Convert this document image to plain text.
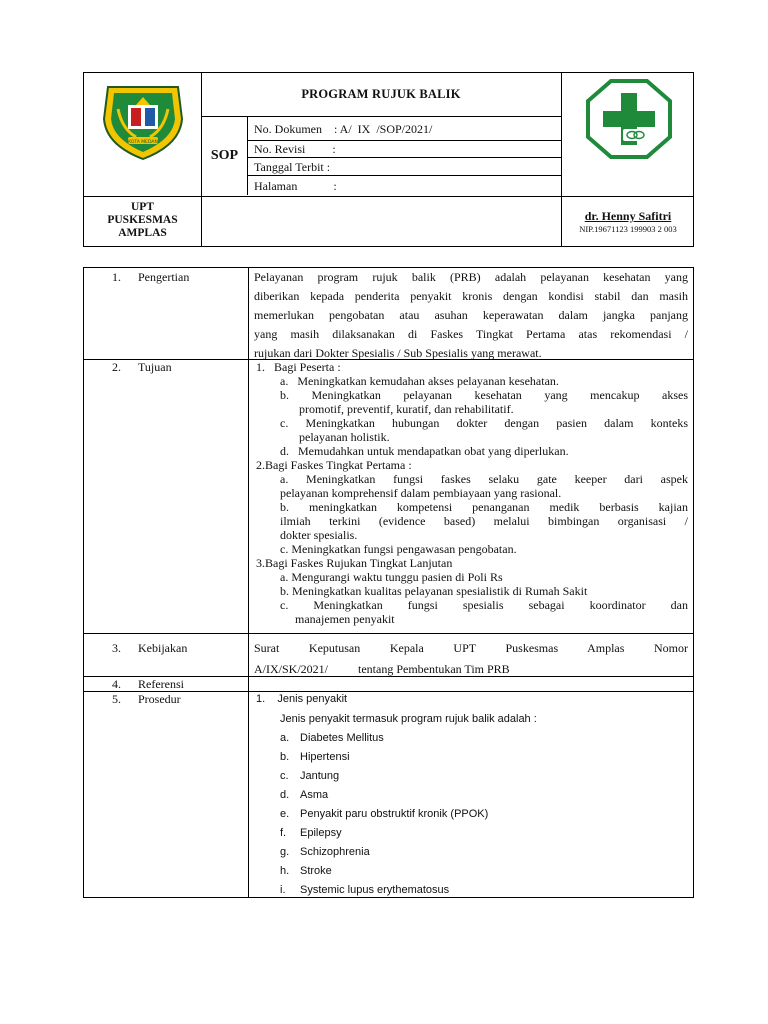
KOTA MEDAN
PROGRAM RUJUK BALIK
SOP
No. Dokumen    : A/  IX  /SOP/2021/
No. Revisi         :
Tanggal Terbit :
Halaman            :
UPT
PUSKESMAS
AMPLAS
dr. Henny Safitri
NIP.19671123 199903 2 003
1. Pengertian	Pelayanan program rujuk balik (PRB) adalah pelayanan kesehatan yang
diberikan kepada penderita penyakit kronis dengan kondisi stabil dan masih
memerlukan pengobatan atau asuhan keperawatan dalam jangka panjang
yang masih dilaksanakan di Faskes Tingkat Pertama atas rekomendasi /
rujukan dari Dokter Spesialis / Sub Spesialis yang merawat.
2. Tujuan	1.   Bagi Peserta :
a.   Meningkatkan kemudahan akses pelayanan kesehatan.
b. Meningkatkan pelayanan kesehatan yang mencakup akses
promotif, preventif, kuratif, dan rehabilitatif.
c. Meningkatkan hubungan dokter dengan pasien dalam konteks
pelayanan holistik.
d.   Memudahkan untuk mendapatkan obat yang diperlukan.
2.Bagi Faskes Tingkat Pertama :
a. Meningkatkan fungsi faskes selaku gate keeper dari aspek
pelayanan komprehensif dalam pembiayaan yang rasional.
b. meningkatkan kompetensi penanganan medik berbasis kajian
ilmiah terkini (evidence based) melalui bimbingan organisasi /
dokter spesialis.
c. Meningkatkan fungsi pengawasan pengobatan.
3.Bagi Faskes Rujukan Tingkat Lanjutan
a. Mengurangi waktu tunggu pasien di Poli Rs
b. Meningkatkan kualitas pelayanan spesialistik di Rumah Sakit
c. Meningkatkan fungsi spesialis sebagai koordinator dan
manajemen penyakit
3. Kebijakan	Surat Keputusan Kepala UPT Puskesmas Amplas Nomor
A/IX/SK/2021/          tentang Pembentukan Tim PRB
4. Referensi
5. Prosedur	1.    Jenis penyakit
Jenis penyakit termasuk program rujuk balik adalah :
a. Diabetes Mellitus
b. Hipertensi
c. Jantung
d. Asma
e. Penyakit paru obstruktif kronik (PPOK)
f. Epilepsy
g. Schizophrenia
h. Stroke
i. Systemic lupus erythematosus
